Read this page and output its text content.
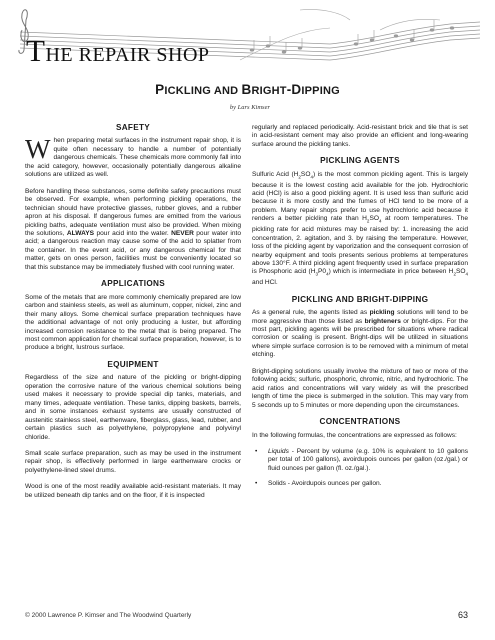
THE REPAIR SHOP
PICKLING AND BRIGHT-DIPPING
by Lars Kimser
SAFETY

When preparing metal surfaces in the instrument repair shop, it is quite often necessary to handle a number of potentially dangerous chemicals. These chemicals more commonly fall into the acid category, however, occasionally potentially dangerous alkaline solutions are utilized as well.

Before handling these substances, some definite safety precautions must be observed. For example, when performing pickling operations, the technician should have protective glasses, rubber gloves, and a rubber apron at his disposal. If dangerous fumes are emitted from the various pickling baths, adequate ventilation must also be provided. When mixing the solutions, ALWAYS pour acid into the water. NEVER pour water into acid; a dangerous reaction may cause some of the acid to splatter from the container. In the event acid, or any dangerous chemical for that matter, gets on ones person, facilities must be conveniently located so that this substance may be immediately flushed with cool running water.

APPLICATIONS

Some of the metals that are more commonly chemically prepared are low carbon and stainless steels, as well as aluminum, copper, nickel, zinc and their many alloys. Some chemical surface preparation techniques have the additional advantage of not only producing a luster, but affording increased corrosion resistance to the metal that is being prepared. The most common application for chemical surface preparation, however, is to produce a bright, lustrous surface.

EQUIPMENT

Regardless of the size and nature of the pickling or bright-dipping operation the corrosive nature of the various chemical solutions being used makes it necessary to provide special dip tanks, materials, and many times, adequate ventilation. These tanks, dipping baskets, barrels, and in some instances exhaust systems are usually constructed of austenitic stainless steel, earthenware, fiberglass, glass, lead, rubber, and certain plastics such as polyethylene, polypropylene and polyvinyl chloride.

Small scale surface preparation, such as may be used in the instrument repair shop, is effectively performed in large earthenware crocks or polyethylene-lined steel drums.

Wood is one of the most readily available acid-resistant materials. It may be utilized beneath dip tanks and on the floor, if it is inspected

regularly and replaced periodically. Acid-resistant brick and tile that is set in acid-resistant cement may also provide an efficient and long-wearing surface around the pickling tanks.

PICKLING AGENTS

Sulfuric Acid $(H_2SO_4)$ is the most common pickling agent. This is largely because it is the lowest costing acid available for the job. Hydrochloric acid (HCl) is also a good pickling agent. It is used less than sulfuric acid because it is more costly and the fumes of HCl tend to be more of a problem. Many repair shops prefer to use hydrochloric acid because it renders a better pickling rate than $H_2SO_4$ at room temperatures. The pickling rate for acid mixtures may be raised by: 1. increasing the acid concentration, 2. agitation, and 3. by raising the temperature. However, loss of the pickling agent by vaporization and the consequent corrosion of nearby equipment and tools presents serious problems at temperatures above 130°F. A third pickling agent frequently used in surface preparation is Phosphoric acid $(H_3P0_4)$ which is intermediate in price between $H_2SO_4$ and HCl.

PICKLING AND BRIGHT-DIPPING

As a general rule, the agents listed as pickling solutions will tend to be more aggressive than those listed as brighteners or bright-dips. For the most part, pickling agents will be prescribed for situations where radical corrosion or scaling is present. Bright-dips will be utilized in situations where simple surface corrosion is to be removed with a minimum of metal etching.

Bright-dipping solutions usually involve the mixture of two or more of the following acids; sulfuric, phosphoric, chromic, nitric, and hydrochloric. The acid ratios and concentrations will vary widely as will the prescribed length of time the piece is submerged in the solution. This may vary from 5 seconds up to 5 minutes or more depending upon the circumstances.

CONCENTRATIONS

In the following formulas, the concentrations are expressed as follows:

• Liquids - Percent by volume (e.g. 10% is equivalent to 10 gallons per total of 100 gallons), avoirdupois ounces per gallon (oz./gal.) or fluid ounces per gallon (fl. oz./gal.).
• Solids - Avoirdupois ounces per gallon.
© 2000 Lawrence P. Kimser and The Woodwind Quarterly	63
